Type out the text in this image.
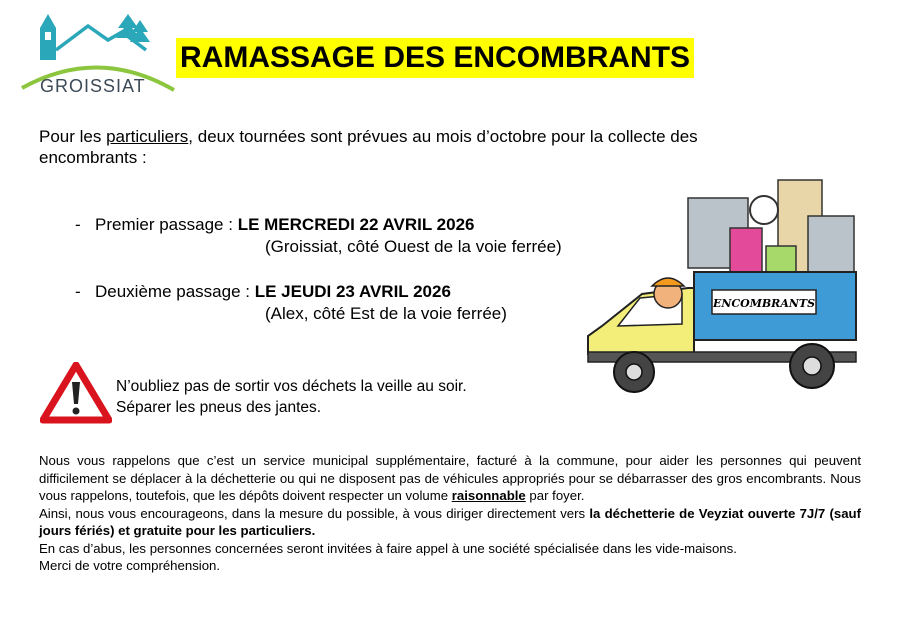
GROISSIAT
RAMASSAGE DES ENCOMBRANTS
Pour les particuliers, deux tournées sont prévues au mois d’octobre pour la collecte des encombrants :
- Premier passage : LE MERCREDI 22 AVRIL 2026
(Groissiat, côté Ouest de la voie ferrée)
- Deuxième passage : LE JEUDI 23 AVRIL 2026
(Alex, côté Est de la voie ferrée)
ENCOMBRANTS
N’oubliez pas de sortir vos déchets la veille au soir.
Séparer les pneus des jantes.

Nous vous rappelons que c’est un service municipal supplémentaire, facturé à la commune, pour aider les personnes qui peuvent difficilement se déplacer à la déchetterie ou qui ne disposent pas de véhicules appropriés pour se débarrasser des gros encombrants. Nous vous rappelons, toutefois, que les dépôts doivent respecter un volume raisonnable par foyer.

Ainsi, nous vous encourageons, dans la mesure du possible, à vous diriger directement vers la déchetterie de Veyziat ouverte 7J/7 (sauf jours fériés) et gratuite pour les particuliers.

En cas d’abus, les personnes concernées seront invitées à faire appel à une société spécialisée dans les vide-maisons.

Merci de votre compréhension.
